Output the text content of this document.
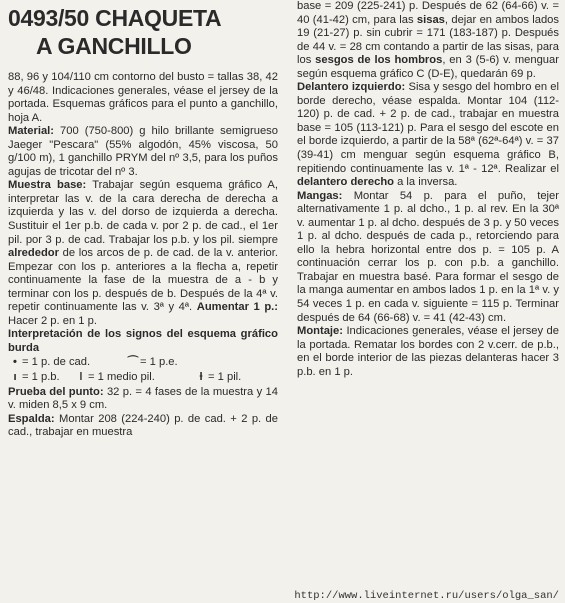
0493/50 CHAQUETA
A GANCHILLO

88, 96 y 104/110 cm contorno del busto = tallas 38, 42 y 46/48. Indicaciones generales, véase el jersey de la portada. Esquemas gráficos para el punto a ganchillo, hoja A.

Material: 700 (750-800) g hilo brillante semigrueso Jaeger "Pescara" (55% algodón, 45% viscosa, 50 g/100 m), 1 ganchillo PRYM del nº 3,5, para los puños agujas de tricotar del nº 3.

Muestra base: Trabajar según esquema gráfico A, interpretar las v. de la cara derecha de derecha a izquierda y las v. del dorso de izquierda a derecha. Sustituir el 1er p.b. de cada v. por 2 p. de cad., el 1er pil. por 3 p. de cad. Trabajar los p.b. y los pil. siempre alrededor de los arcos de p. de cad. de la v. anterior. Empezar con los p. anteriores a la flecha a, repetir continuamente la fase de la muestra de a - b y terminar con los p. después de b. Después de la 4ª v. repetir continuamente las v. 3ª y 4ª. Aumentar 1 p.: Hacer 2 p. en 1 p.

Interpretación de los signos del esquema gráfico burda

•= 1 p. de cad.	⌒= 1 p.e.
ı= 1 p.b.	ǀ= 1 medio pil.	ƚ= 1 pil.

Prueba del punto: 32 p. = 4 fases de la muestra y 14 v. miden 8,5 x 9 cm.

Espalda: Montar 208 (224-240) p. de cad. + 2 p. de cad., trabajar en muestra

base = 209 (225-241) p. Después de 62 (64-66) v. = 40 (41-42) cm, para las sisas, dejar en ambos lados 19 (21-27) p. sin cubrir = 171 (183-187) p. Después de 44 v. = 28 cm contando a partir de las sisas, para los sesgos de los hombros, en 3 (5-6) v. menguar según esquema gráfico C (D-E), quedarán 69 p.

Delantero izquierdo: Sisa y sesgo del hombro en el borde derecho, véase espalda. Montar 104 (112-120) p. de cad. + 2 p. de cad., trabajar en muestra base = 105 (113-121) p. Para el sesgo del escote en el borde izquierdo, a partir de la 58ª (62ª-64ª) v. = 37 (39-41) cm menguar según esquema gráfico B, repitiendo continuamente las v. 1ª - 12ª. Realizar el delantero derecho a la inversa.

Mangas: Montar 54 p. para el puño, tejer alternativamente 1 p. al dcho., 1 p. al rev. En la 30ª v. aumentar 1 p. al dcho. después de 3 p. y 50 veces 1 p. al dcho. después de cada p., retorciendo para ello la hebra horizontal entre dos p. = 105 p. A continuación cerrar los p. con p.b. a ganchillo. Trabajar en muestra basé. Para formar el sesgo de la manga aumentar en ambos lados 1 p. en la 1ª v. y 54 veces 1 p. en cada v. siguiente = 115 p. Terminar después de 64 (66-68) v. = 41 (42-43) cm.

Montaje: Indicaciones generales, véase el jersey de la portada. Rematar los bordes con 2 v.cerr. de p.b., en el borde interior de las piezas delanteras hacer 3 p.b. en 1 p.

http://www.liveinternet.ru/users/olga_san/
